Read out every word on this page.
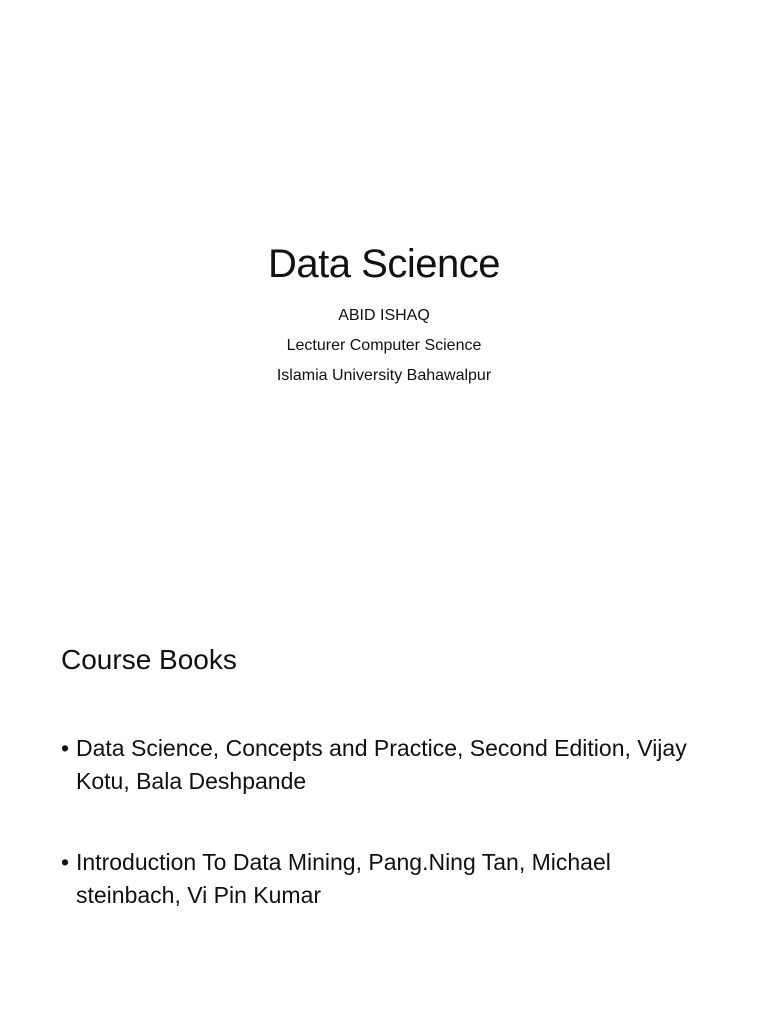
Data Science
ABID ISHAQ
Lecturer Computer Science
Islamia University Bahawalpur
Course Books
• Data Science, Concepts and Practice, Second Edition, Vijay Kotu, Bala Deshpande
• Introduction To Data Mining, Pang.Ning Tan, Michael steinbach, Vi Pin Kumar
